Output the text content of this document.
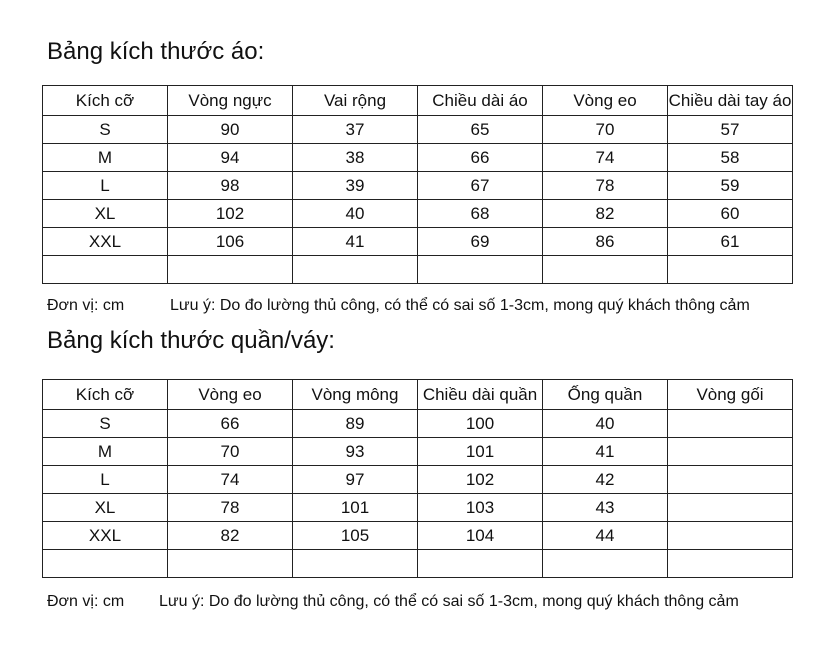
Bảng kích thước áo:
Kích cỡ	Vòng ngực	Vai rộng	Chiều dài áo	Vòng eo	Chiều dài tay áo
S	90	37	65	70	57
M	94	38	66	74	58
L	98	39	67	78	59
XL	102	40	68	82	60
XXL	106	41	69	86	61

Đơn vị: cm	Lưu ý: Do đo lường thủ công, có thể có sai số 1-3cm, mong quý khách thông cảm
Bảng kích thước quần/váy:
Kích cỡ	Vòng eo	Vòng mông	Chiều dài quần	Ống quần	Vòng gối
S	66	89	100	40	
M	70	93	101	41	
L	74	97	102	42	
XL	78	101	103	43	
XXL	82	105	104	44	

Đơn vị: cm Lưu ý: Do đo lường thủ công, có thể có sai số 1-3cm, mong quý khách thông cảm
